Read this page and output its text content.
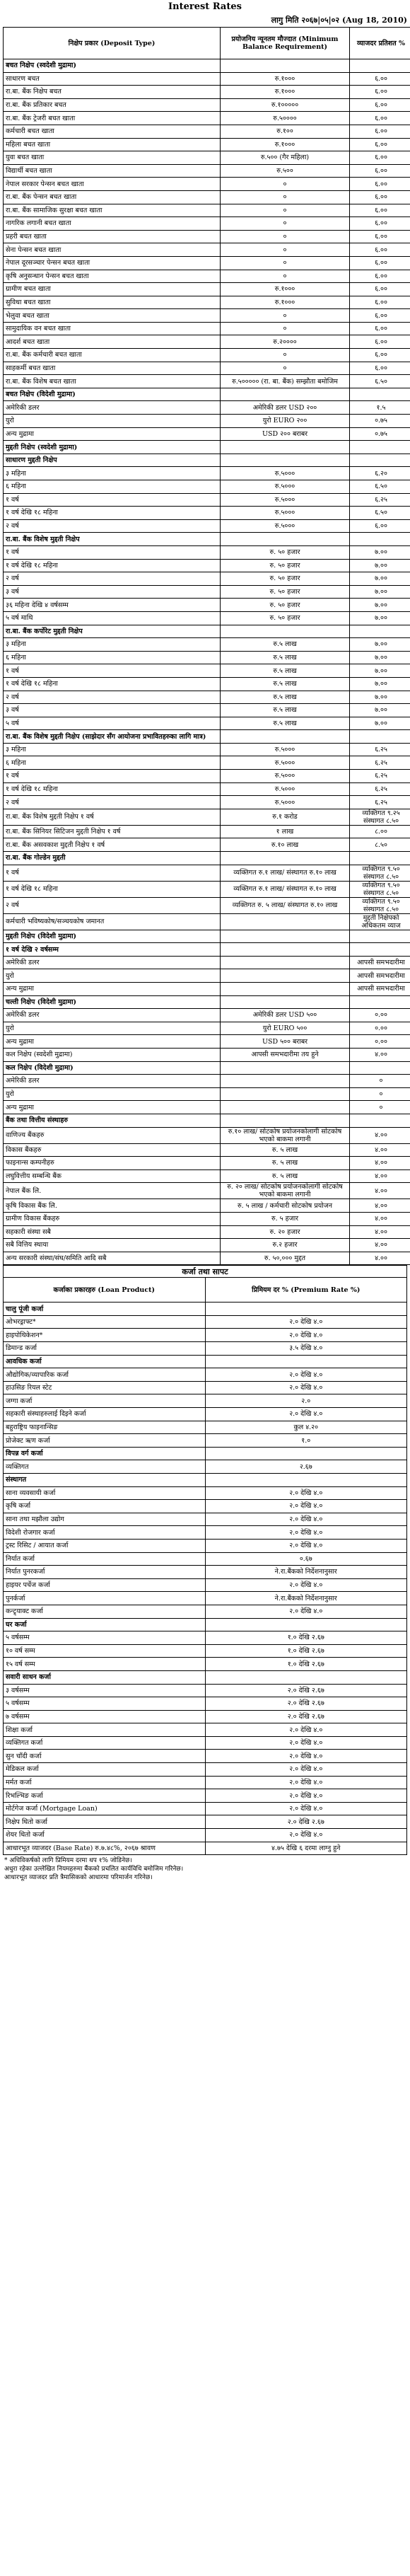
Interest Rates
लागु मिति २०६७|०५|०२ (Aug 18, 2010)
निक्षेप प्रकार (Deposit Type)	प्रयोजनिय न्यूनतम मौज्दात (Minimum Balance Requirement)	व्याजदर प्रतिशत %
बचत निक्षेप (स्वदेशी मुद्रामा)		
साधारण बचत	रु.१०००	६.००
रा.बा. बैंक निक्षेप बचत	रु.१०००	६.००
रा.बा. बैंक प्रतिकार बचत	रु.१०००००	६.००
रा.बा. बैंक ट्रेजरी बचत खाता	रु.५००००	६.००
कर्मचारी बचत खाता	रु.१००	६.००
महिला बचत खाता	रु.१०००	६.००
युवा बचत खाता	रु.५०० (गैर महिला)	६.००
विद्यार्थी बचत खाता	रु.५००	६.००
नेपाल सरकार पेन्सन बचत खाता	०	६.००
रा.बा. बैंक पेन्सन बचत खाता	०	६.००
रा.बा. बैंक सामाजिक सुरक्षा बचत खाता	०	६.००
नागरिक लगानी बचत खाता	०	६.००
प्रहरी बचत खाता	०	६.००
सेना पेन्सन बचत खाता	०	६.००
नेपाल दूरसञ्चार पेन्सन बचत खाता	०	६.००
कृषि अनुसन्धान पेन्सन बचत खाता	०	६.००
ग्रामीण बचत खाता	रु.१०००	६.००
सुविधा बचत खाता	रु.१०००	६.००
भेलुवा बचत खाता	०	६.००
सामुदायिक वन बचत खाता	०	६.००
आदर्श बचत खाता	रु.२००००	६.००
रा.बा. बैंक कर्मचारी बचत खाता	०	६.००
साहकर्मी बचत खाता	०	६.००
रा.बा. बैंक विशेष बचत खाता	रु.५००००० (रा. बा. बैंक) सम्झौता बमोजिम	६.५०
बचत निक्षेप (विदेशी मुद्रामा)		
अमेरिकी डलर	अमेरिकी डलर USD २००	१.५
युरो	युरो EURO २००	०.७५
अन्य मुद्रामा	USD २०० बराबर	०.७५
मुद्दती निक्षेप (स्वदेशी मुद्रामा)		
साधारण मुद्दती निक्षेप		
३ महिना	रु.५०००	६.२०
६ महिना	रु.५०००	६.५०
१ वर्ष	रु.५०००	६.२५
१ वर्ष देखि १८ महिना	रु.५०००	६.५०
२ वर्ष	रु.५०००	६.००
रा.बा. बैंक विशेष मुद्दती निक्षेप		
१ वर्ष	रु. ५० हजार	७.००
१ वर्ष देखि १८ महिना	रु. ५० हजार	७.००
२ वर्ष	रु. ५० हजार	७.००
३ वर्ष	रु. ५० हजार	७.००
३६ महिना देखि ४ वर्षसम्म	रु. ५० हजार	७.००
५ वर्ष माथि	रु. ५० हजार	७.००
रा.बा. बैंक कर्पोरेट मुद्दती निक्षेप		
३ महिना	रु.५ लाख	७.००
६ महिना	रु.५ लाख	७.००
१ वर्ष	रु.५ लाख	७.००
१ वर्ष देखि १८ महिना	रु.५ लाख	७.००
२ वर्ष	रु.५ लाख	७.००
३ वर्ष	रु.५ लाख	७.००
५ वर्ष	रु.५ लाख	७.००
रा.बा. बैंक विशेष मुद्दती निक्षेप (साझेदार सँग आयोजना प्रभावितहरुका लागि मात्र)		
३ महिना	रु.५०००	६.२५
६ महिना	रु.५०००	६.२५
१ वर्ष	रु.५०००	६.२५
१ वर्ष देखि १८ महिना	रु.५०००	६.२५
२ वर्ष	रु.५०००	६.२५
रा.बा. बैंक विशेष मुद्दती निक्षेप १ वर्ष	रु.१ करोड	व्यक्तिगत ९.२५ संस्थागत ८.५०
रा.बा. बैंक सिनियर सिटिजन मुद्दती निक्षेप १ वर्ष	१ लाख	८.००
रा.बा. बैंक असवकाश मुद्दती निक्षेप १ वर्ष	रु.१० लाख	८.५०
रा.बा. बैंक गोल्डेन मुद्दती		
१ वर्ष	व्यक्तिगत रु.१ लाख/ संस्थागत रु.१० लाख	व्यक्तिगत ९.५० संस्थागत ८.५०
१ वर्ष देखि १८ महिना	व्यक्तिगत रु.१ लाख/ संस्थागत रु.१० लाख	व्यक्तिगत ९.५० संस्थागत ८.५०
२ वर्ष	व्यक्तिगत रु. ५ लाख/ संस्थागत रु.१० लाख	व्यक्तिगत ९.५० संस्थागत ८.५०
कर्मचारी भविष्यकोष/सञ्चयकोष जमानत		मुद्दती निक्षेपको अधिकतम व्याज
मुद्दती निक्षेप (विदेशी मुद्रामा)		
१ वर्ष देखि २ वर्षसम्म		
अमेरिकी डलर		आपसी समभदारीमा
युरो		आपसी समभदारीमा
अन्य मुद्रामा		आपसी समभदारीमा
चल्ती निक्षेप (विदेशी मुद्रामा)		
अमेरिकी डलर	अमेरिकी डलर USD ५००	०.००
युरो	युरो EURO ५००	०.००
अन्य मुद्रामा	USD ५०० बराबर	०.००
कल निक्षेप (स्वदेशी मुद्रामा)	आपसी समभदारीमा तय हुने	४.००
कल निक्षेप (विदेशी मुद्रामा)		
अमेरिकी डलर		०
युरो		०
अन्य मुद्रामा		०
बैंक तथा वित्तीय संस्थाहरु		
वाणिज्य बैंकहरु	रु.१० लाख/ सोटकोष प्रयोजनकोलागी सोटकोष भएको बाकमा लगानी	४.००
विकास बैंकहरु	रु. ५ लाख	४.००
फाइनान्स कम्पनीहरु	रु. ५ लाख	४.००
लघुवित्तीय सम्बन्धि बैंक	रु. ५ लाख	४.००
नेपाल बैंक लि.	रु. २० लाख/ सोटकोष प्रयोजनकोलागी सोटकोष भएको बाकमा लगानी	४.००
कृषि विकास बैंक लि.	रु. ५ लाख / कर्मचारी सोटकोष प्रयोजन	४.००
ग्रामीण विकास बैंकहरु	रु. ५ हजार	४.००
सहकारी संस्था सबै	रु. २० हजार	४.००
सबै वित्तिय स्थाया	रु.२ हजार	४.००
अन्य सरकारी संस्था/संघ/समिति आदि सबै	रु. ५०,००० मुद्दत	४.००
कर्जा तथा सापट	
कर्जाका प्रकारहरु (Loan Product)	प्रिमियम दर % (Premium Rate %)
चालु पूंजी कर्जा	
ओभरड्राफ्ट*	२.० देखि ४.०
हाइपोथिकेशन*	२.० देखि ४.०
डिमान्ड कर्जा	३.५ देखि ४.०
आवधिक कर्जा	
औद्योगिक/व्यापारिक कर्जा	२.० देखि ४.०
हाउसिङ रियल स्टेट	२.० देखि ४.०
जग्गा कर्जा	२.०
सहकारी संस्थाहरुलाई दिइने कर्जा	२.० देखि ४.०
बहुराष्ट्रिय फाइनान्सिङ	कुल ४.२०
प्रोजेक्ट ऋण कर्जा	१.०
विपन्न वर्ग कर्जा	
व्यक्तिगत	२.६७
संस्थागत	
साना व्यवसायी कर्जा	२.० देखि ४.०
कृषि कर्जा	२.० देखि ४.०
साना तथा मझौला उद्योग	२.० देखि ४.०
विदेशी रोजगार कर्जा	२.० देखि ४.०
ट्रस्ट रिसिट / आयात कर्जा	२.० देखि ४.०
निर्यात कर्जा	०.६७
निर्यात पुनरकर्जा	ने.रा.बैंकको निर्देशनानुसार
हाइयर पर्चेज कर्जा	२.० देखि ४.०
पुनर्कर्जा	ने.रा.बैंकको निर्देशनानुसार
कन्ट्र्याक्ट कर्जा	२.० देखि ४.०
घर कर्जा	
५ वर्षसम्म	१.० देखि २.६७
१० वर्ष सम्म	१.० देखि २.६७
१५ वर्ष सम्म	१.० देखि २.६७
सवारी साधन कर्जा	
३ वर्षसम्म	२.० देखि २.६७
५ वर्षसम्म	२.० देखि २.६७
७ वर्षसम्म	२.० देखि २.६७
शिक्षा कर्जा	२.० देखि ४.०
व्यक्तिगत कर्जा	२.० देखि ४.०
सुन चाँदी कर्जा	२.० देखि ४.०
मेडिकल कर्जा	२.० देखि ४.०
मर्मत कर्जा	२.० देखि ४.०
रिभल्भिङ कर्जा	२.० देखि ४.०
मोर्टगेज कर्जा (Mortgage Loan)	२.० देखि ४.०
निक्षेप धितो कर्जा	२.० देखि २.६७
शेयर धितो कर्जा	२.० देखि ४.०
आधारभूत व्याजदर (Base Rate) रु.७.४८%, २०६७ श्रावण	४.७५ देखि ६ दरमा लाग्नु हुने
* अधिविकर्षको लागि प्रिमियम दरमा थप १% जोडिनेछ।
अधुरा रहेका उल्लेखित नियमहरुमा बैंकको प्रचलित कार्यविधि बमोजिम गरिनेछ।
आधारभूत व्याजदर प्रति त्रैमासिकको आधारमा परिमार्जन गरिनेछ।
